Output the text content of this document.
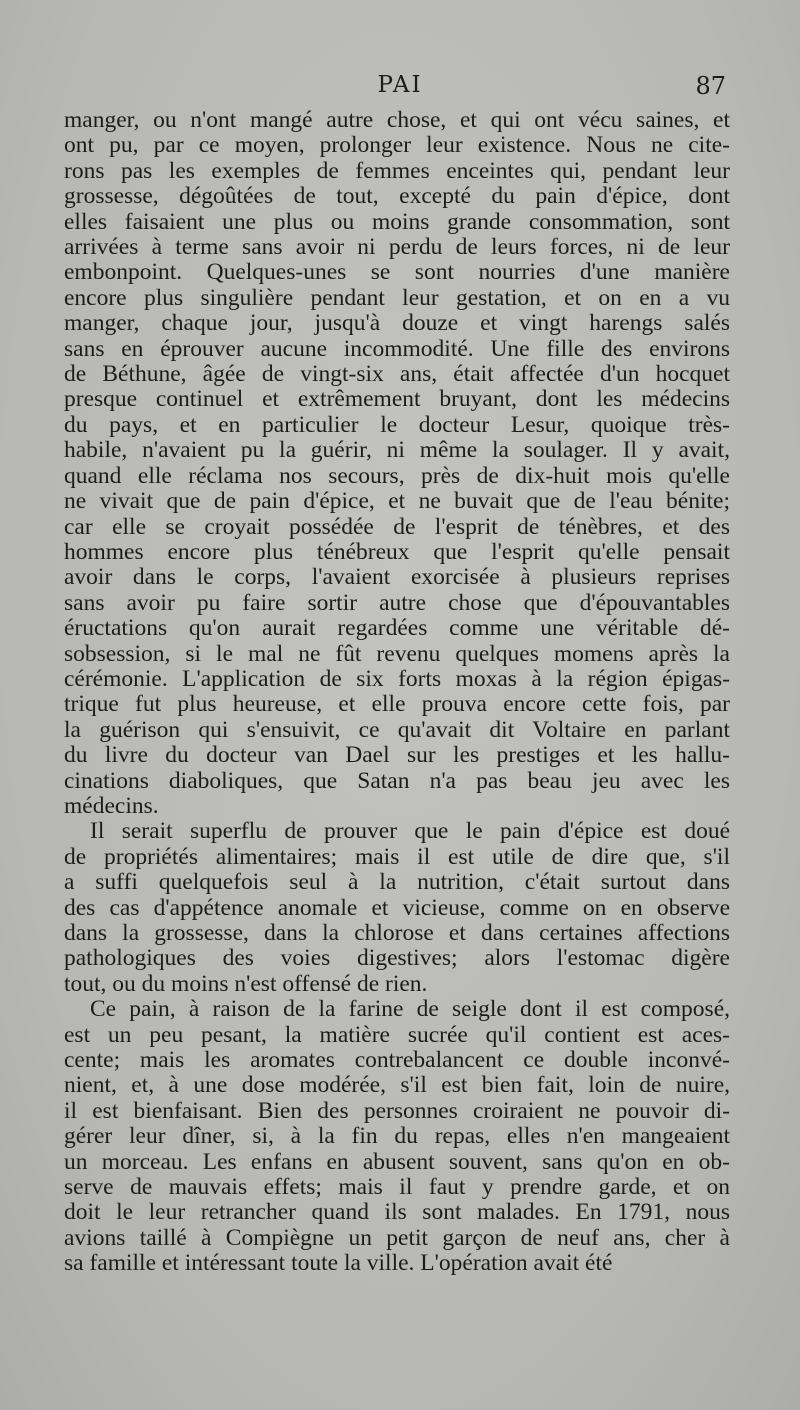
PAI	87

manger, ou n'ont mangé autre chose, et qui ont vécu saines, et
ont pu, par ce moyen, prolonger leur existence. Nous ne cite-
rons pas les exemples de femmes enceintes qui, pendant leur
grossesse, dégoûtées de tout, excepté du pain d'épice, dont
elles faisaient une plus ou moins grande consommation, sont
arrivées à terme sans avoir ni perdu de leurs forces, ni de leur
embonpoint. Quelques-unes se sont nourries d'une manière
encore plus singulière pendant leur gestation, et on en a vu
manger, chaque jour, jusqu'à douze et vingt harengs salés
sans en éprouver aucune incommodité. Une fille des environs
de Béthune, âgée de vingt-six ans, était affectée d'un hocquet
presque continuel et extrêmement bruyant, dont les médecins
du pays, et en particulier le docteur Lesur, quoique très-
habile, n'avaient pu la guérir, ni même la soulager. Il y avait,
quand elle réclama nos secours, près de dix-huit mois qu'elle
ne vivait que de pain d'épice, et ne buvait que de l'eau bénite;
car elle se croyait possédée de l'esprit de ténèbres, et des
hommes encore plus ténébreux que l'esprit qu'elle pensait
avoir dans le corps, l'avaient exorcisée à plusieurs reprises
sans avoir pu faire sortir autre chose que d'épouvantables
éructations qu'on aurait regardées comme une véritable dé-
sobsession, si le mal ne fût revenu quelques momens après la
cérémonie. L'application de six forts moxas à la région épigas-
trique fut plus heureuse, et elle prouva encore cette fois, par
la guérison qui s'ensuivit, ce qu'avait dit Voltaire en parlant
du livre du docteur van Dael sur les prestiges et les hallu-
cinations diaboliques, que Satan n'a pas beau jeu avec les
médecins.

Il serait superflu de prouver que le pain d'épice est doué
de propriétés alimentaires; mais il est utile de dire que, s'il
a suffi quelquefois seul à la nutrition, c'était surtout dans
des cas d'appétence anomale et vicieuse, comme on en observe
dans la grossesse, dans la chlorose et dans certaines affections
pathologiques des voies digestives; alors l'estomac digère
tout, ou du moins n'est offensé de rien.

Ce pain, à raison de la farine de seigle dont il est composé,
est un peu pesant, la matière sucrée qu'il contient est aces-
cente; mais les aromates contrebalancent ce double inconvé-
nient, et, à une dose modérée, s'il est bien fait, loin de nuire,
il est bienfaisant. Bien des personnes croiraient ne pouvoir di-
gérer leur dîner, si, à la fin du repas, elles n'en mangeaient
un morceau. Les enfans en abusent souvent, sans qu'on en ob-
serve de mauvais effets; mais il faut y prendre garde, et on
doit le leur retrancher quand ils sont malades. En 1791, nous
avions taillé à Compiègne un petit garçon de neuf ans, cher à
sa famille et intéressant toute la ville. L'opération avait été
